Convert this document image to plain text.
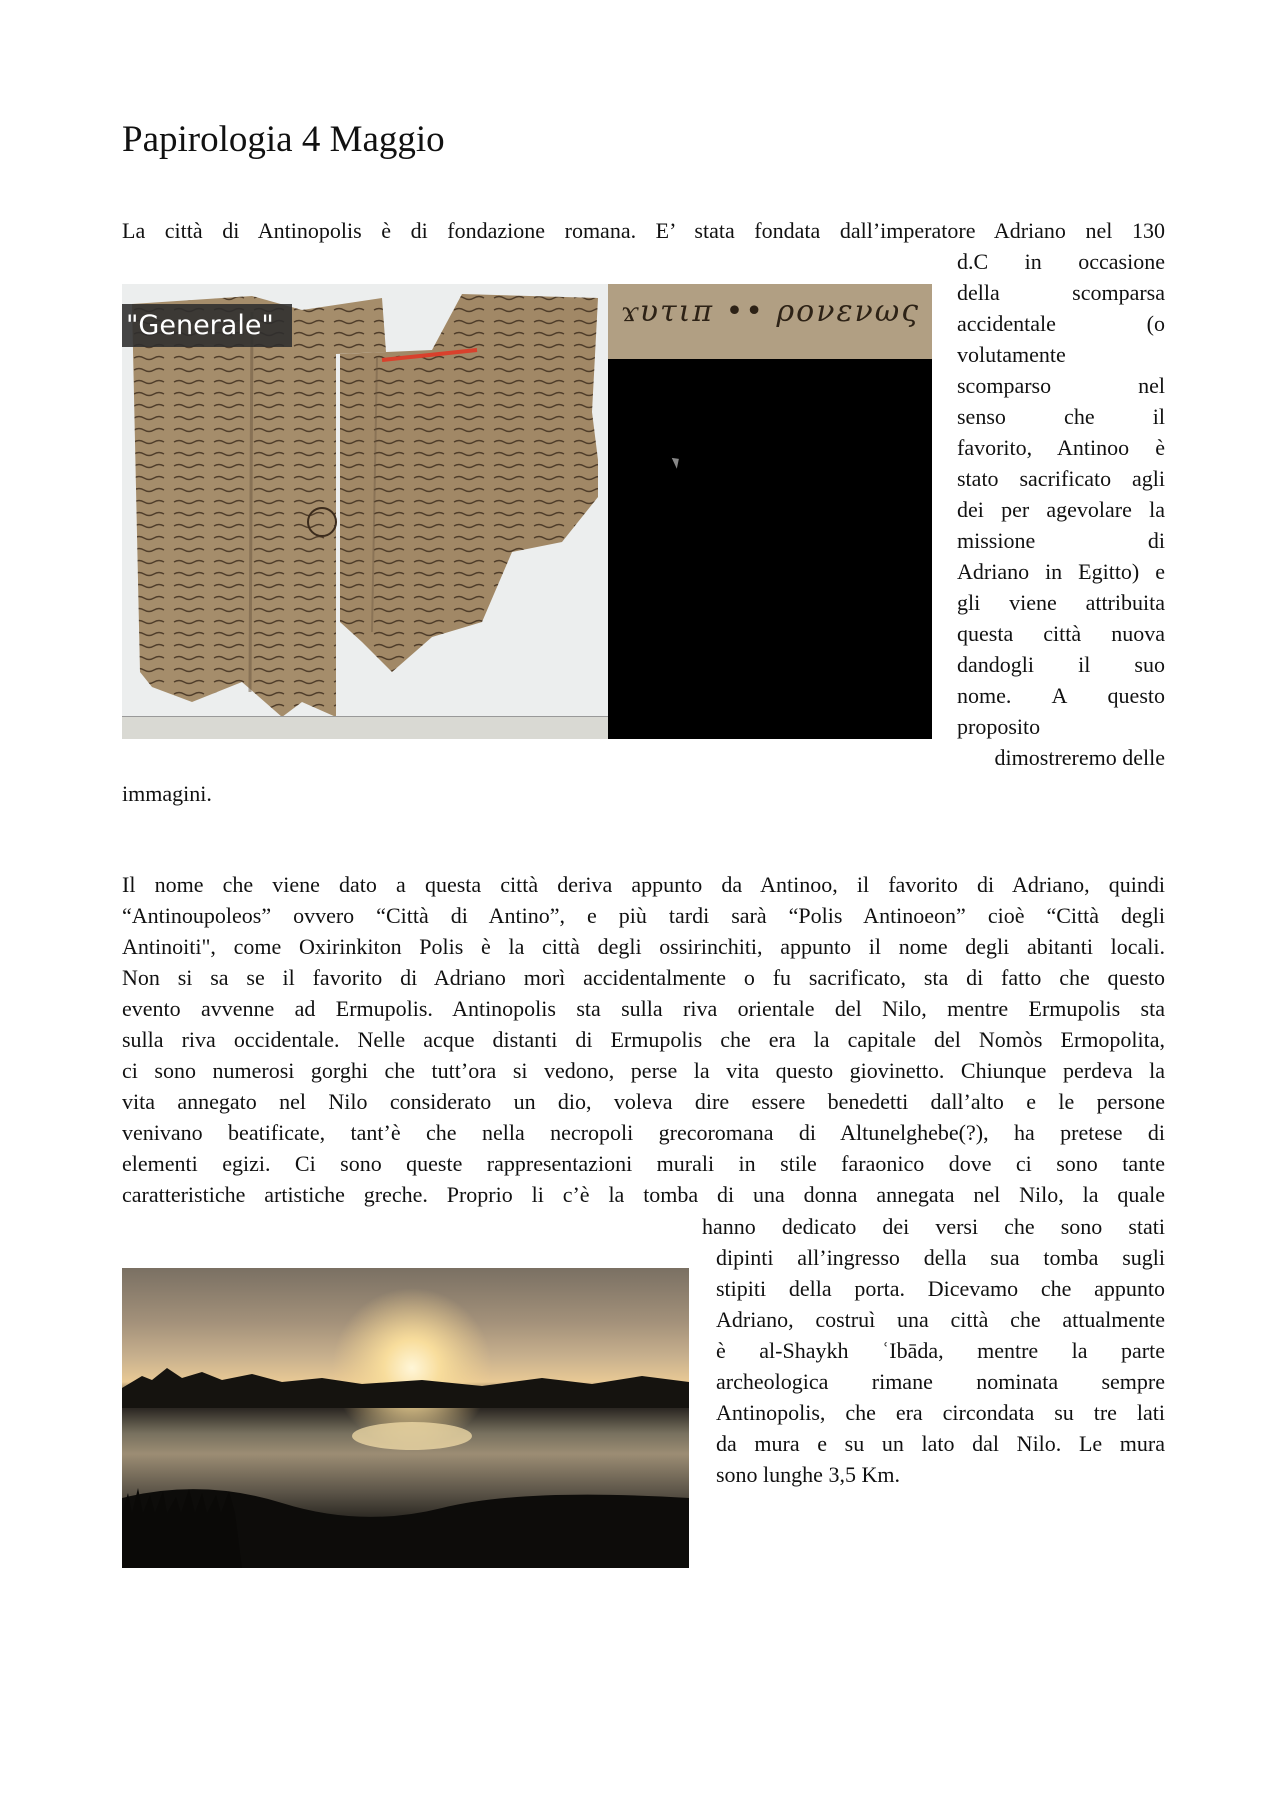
Papirologia 4 Maggio
La città di Antinopolis è di fondazione romana. E’ stata fondata dall’imperatore Adriano nel 130
"Generale"	ϫυτιπ •• ρονενως
d.C in occasione
della scomparsa
accidentale (o
volutamente
scomparso nel
senso che il
favorito, Antinoo è
stato sacrificato agli
dei per agevolare la
missione di
Adriano in Egitto) e
gli viene attribuita
questa città nuova
dandogli il suo
nome. A questo
proposito
dimostreremo delle
immagini.
Il nome che viene dato a questa città deriva appunto da Antinoo, il favorito di Adriano, quindi
“Antinoupoleos” ovvero “Città di Antino”, e più tardi sarà “Polis Antinoeon” cioè “Città degli
Antinoiti", come Oxirinkiton Polis è la città degli ossirinchiti, appunto il nome degli abitanti locali.
Non si sa se il favorito di Adriano morì accidentalmente o fu sacrificato, sta di fatto che questo
evento avvenne ad Ermupolis. Antinopolis sta sulla riva orientale del Nilo, mentre Ermupolis sta
sulla riva occidentale. Nelle acque distanti di Ermupolis che era la capitale del Nomòs Ermopolita,
ci sono numerosi gorghi che tutt’ora si vedono, perse la vita questo giovinetto. Chiunque perdeva la
vita annegato nel Nilo considerato un dio, voleva dire essere benedetti dall’alto e le persone
venivano beatificate, tant’è che nella necropoli grecoromana di Altunelghebe(?), ha pretese di
elementi egizi. Ci sono queste rappresentazioni murali in stile faraonico dove ci sono tante
caratteristiche artistiche greche. Proprio li c’è la tomba di una donna annegata nel Nilo, la quale
hanno dedicato dei versi che sono stati
dipinti all’ingresso della sua tomba sugli
stipiti della porta. Dicevamo che appunto
Adriano, costruì una città che attualmente
è al-Shaykh ʿIbāda, mentre la parte
archeologica rimane nominata sempre
Antinopolis, che era circondata su tre lati
da mura e su un lato dal Nilo. Le mura
sono lunghe 3,5 Km.
